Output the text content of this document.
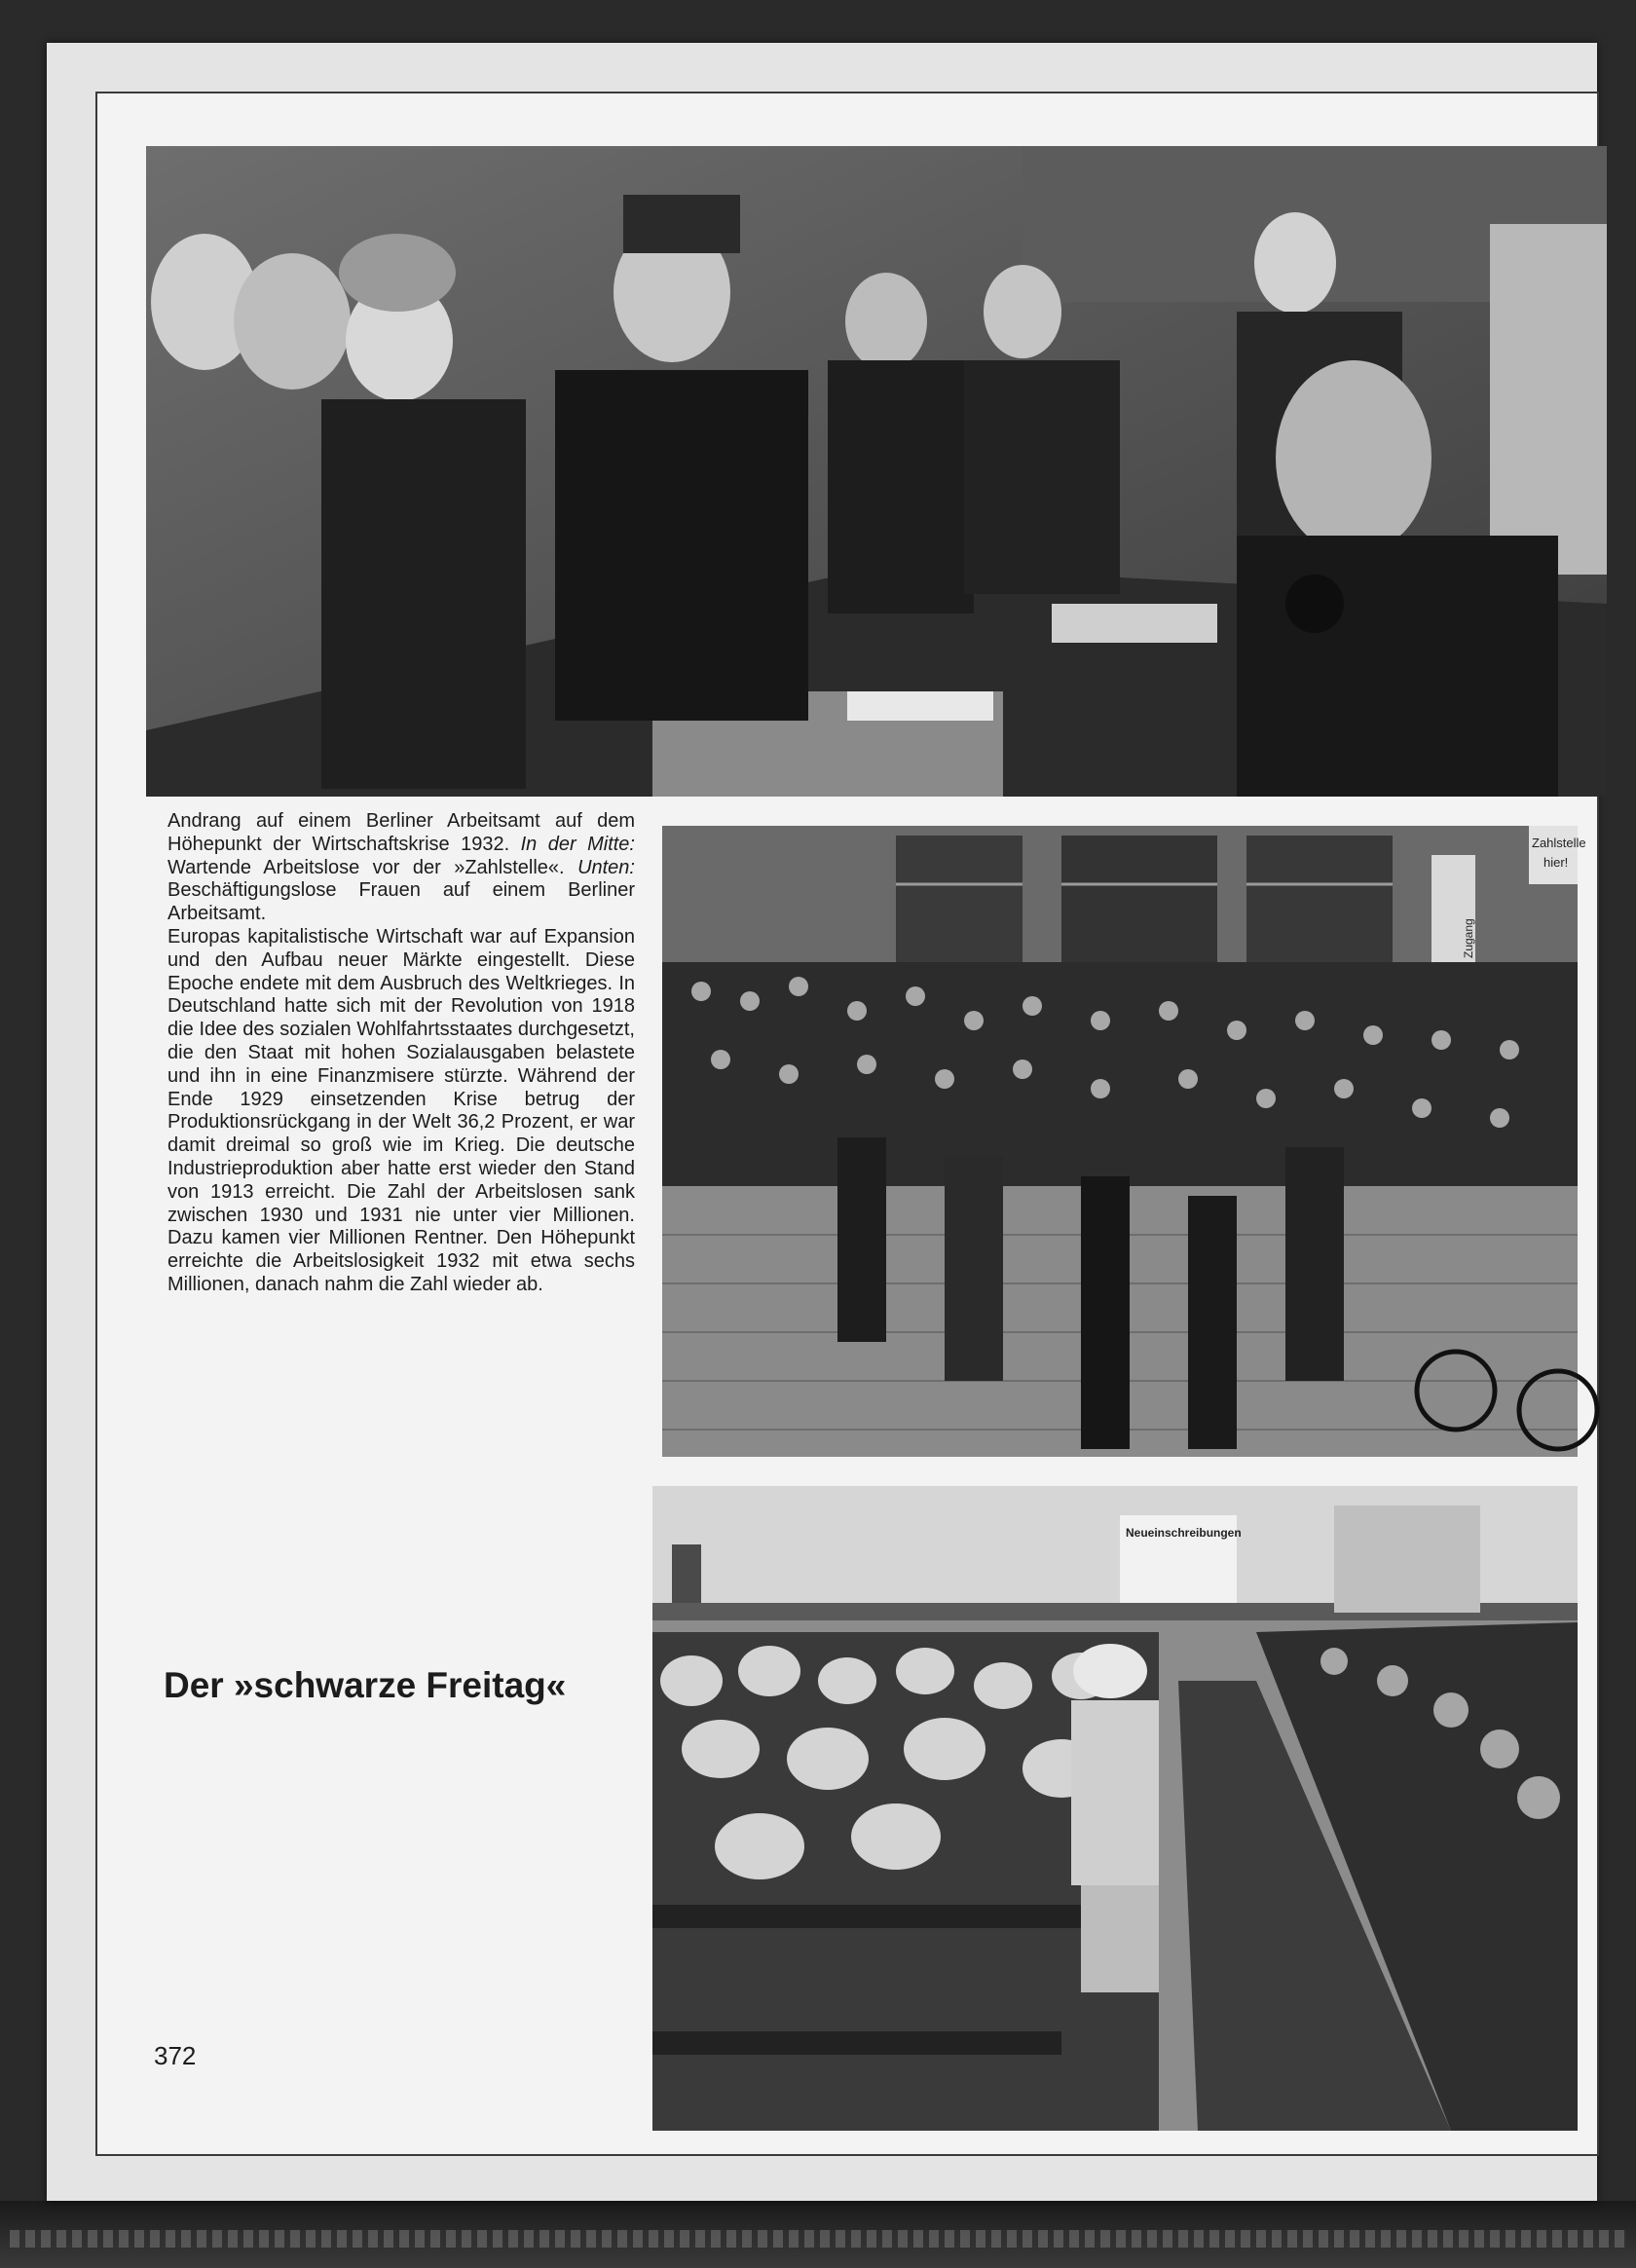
Andrang auf einem Berliner Arbeitsamt auf dem Höhepunkt der Wirtschaftskrise 1932. In der Mitte: Wartende Arbeitslose vor der »Zahlstelle«. Unten: Beschäftigungslose Frauen auf einem Berliner Arbeitsamt.

Europas kapitalistische Wirtschaft war auf Expansion und den Aufbau neuer Märkte eingestellt. Diese Epoche endete mit dem Ausbruch des Weltkrieges. In Deutschland hatte sich mit der Revolution von 1918 die Idee des sozialen Wohlfahrtsstaates durchgesetzt, die den Staat mit hohen Sozialausgaben belastete und ihn in eine Finanzmisere stürzte. Während der Ende 1929 einsetzenden Krise betrug der Produktionsrückgang in der Welt 36,2 Prozent, er war damit dreimal so groß wie im Krieg. Die deutsche Industrieproduktion aber hatte erst wieder den Stand von 1913 erreicht. Die Zahl der Arbeitslosen sank zwischen 1930 und 1931 nie unter vier Millionen. Dazu kamen vier Millionen Rentner. Den Höhepunkt erreichte die Arbeitslosigkeit 1932 mit etwa sechs Millionen, danach nahm die Zahl wieder ab.

Zahlstelle
hier!
Zugang
Der »schwarze Freitag«
Neueinschreibungen
372
